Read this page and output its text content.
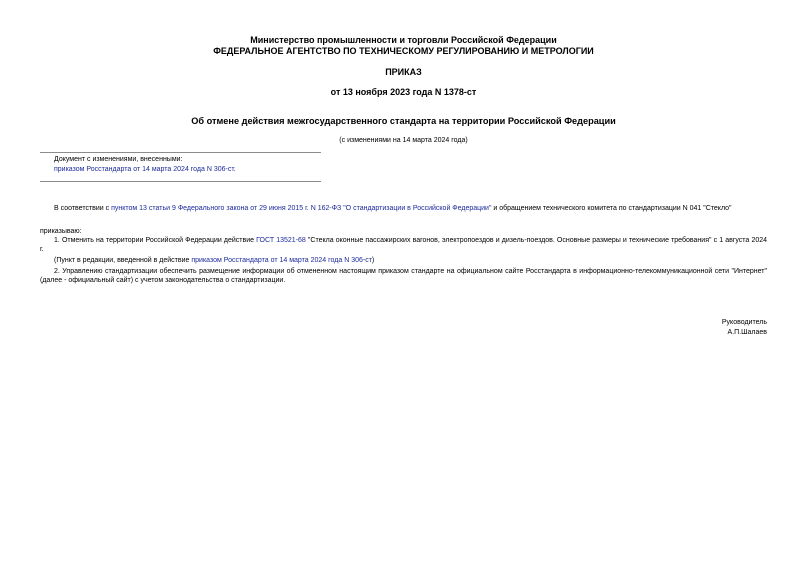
Министерство промышленности и торговли Российской Федерации
ФЕДЕРАЛЬНОЕ АГЕНТСТВО ПО ТЕХНИЧЕСКОМУ РЕГУЛИРОВАНИЮ И МЕТРОЛОГИИ
ПРИКАЗ
от 13 ноября 2023 года N 1378-ст
Об отмене действия межгосударственного стандарта на территории Российской Федерации
(с изменениями на 14 марта 2024 года)
Документ с изменениями, внесенными:
приказом Росстандарта от 14 марта 2024 года N 306-ст.
В соответствии с пунктом 13 статьи 9 Федерального закона от 29 июня 2015 г. N 162-ФЗ "О стандартизации в Российской Федерации" и обращением технического комитета по стандартизации N 041 "Стекло"
приказываю:
1. Отменить на территории Российской Федерации действие ГОСТ 13521-68 "Стекла оконные пассажирских вагонов, электропоездов и дизель-поездов. Основные размеры и технические требования" с 1 августа 2024 г.
(Пункт в редакции, введенной в действие приказом Росстандарта от 14 марта 2024 года N 306-ст)
2. Управлению стандартизации обеспечить размещение информации об отмененном настоящим приказом стандарте на официальном сайте Росстандарта в информационно-телекоммуникационной сети "Интернет" (далее - официальный сайт) с учетом законодательства о стандартизации.
Руководитель
А.П.Шалаев
